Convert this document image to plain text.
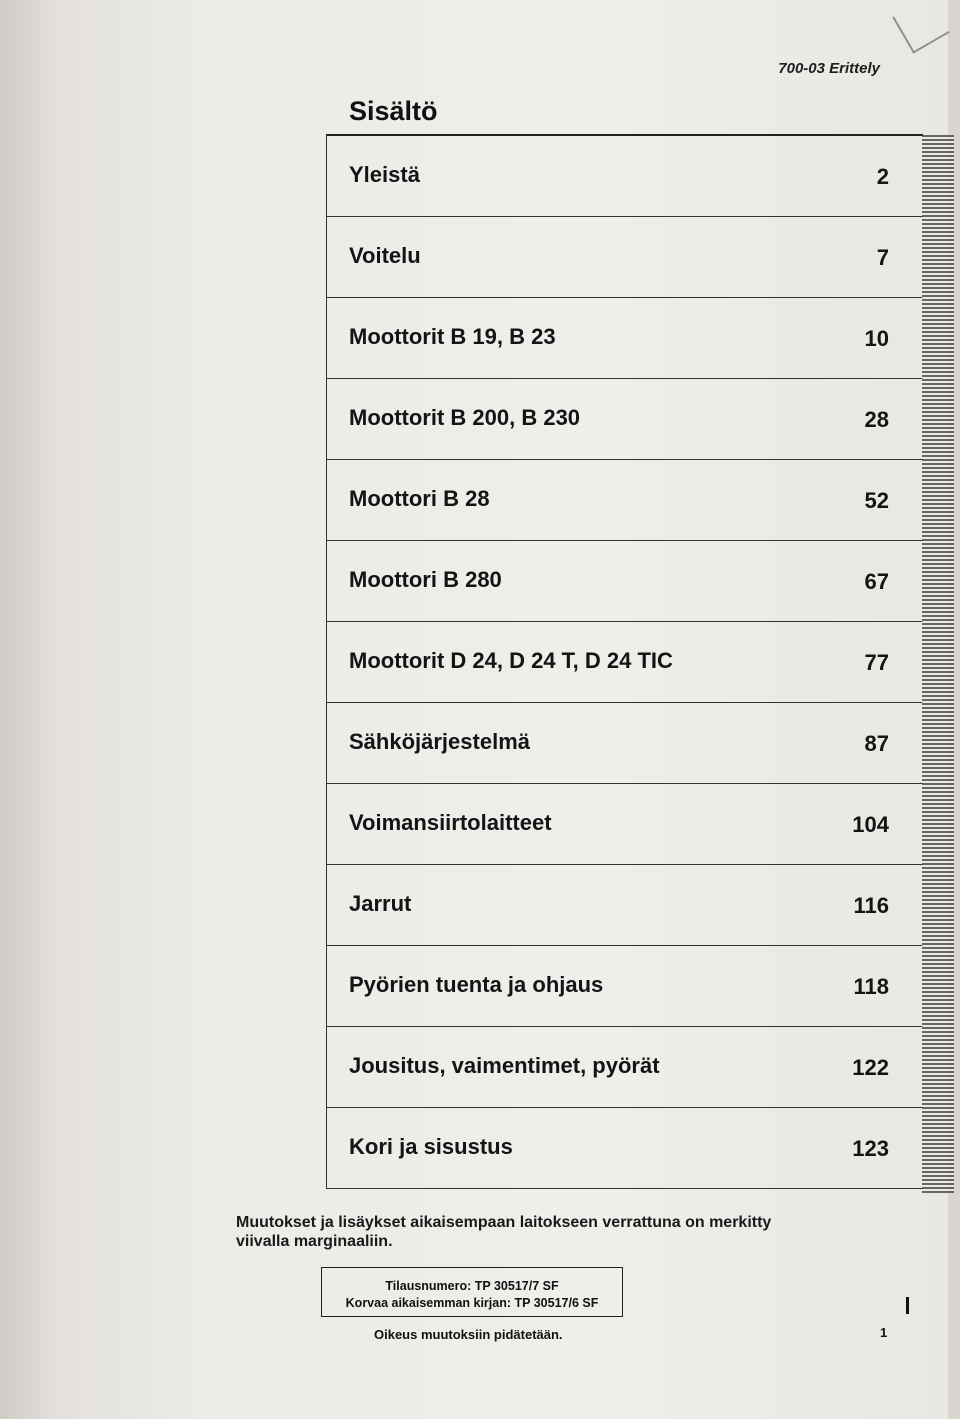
700-03 Erittely
Sisältö
Yleistä	2
Voitelu	7
Moottorit B 19, B 23	10
Moottorit B 200, B 230	28
Moottori B 28	52
Moottori B 280	67
Moottorit D 24, D 24 T, D 24 TIC	77
Sähköjärjestelmä	87
Voimansiirtolaitteet	104
Jarrut	116
Pyörien tuenta ja ohjaus	118
Jousitus, vaimentimet, pyörät	122
Kori ja sisustus	123
Muutokset ja lisäykset aikaisempaan laitokseen verrattuna on merkitty viivalla marginaaliin.
Tilausnumero: TP 30517/7 SF
Korvaa aikaisemman kirjan: TP 30517/6 SF
Oikeus muutoksiin pidätetään.	1
